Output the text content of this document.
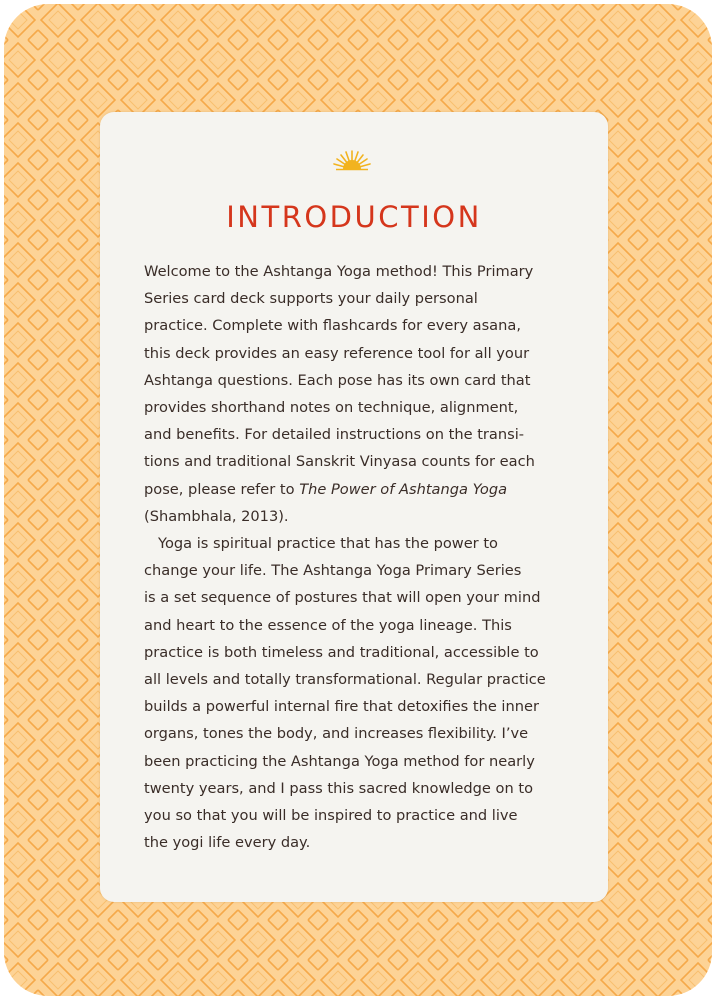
INTRODUCTION
Welcome to the Ashtanga Yoga method! This Primary
Series card deck supports your daily personal
practice. Complete with flashcards for every asana,
this deck provides an easy reference tool for all your
Ashtanga questions. Each pose has its own card that
provides shorthand notes on technique, alignment,
and benefits. For detailed instructions on the transi-
tions and traditional Sanskrit Vinyasa counts for each
pose, please refer to The Power of Ashtanga Yoga
(Shambhala, 2013).
Yoga is spiritual practice that has the power to
change your life. The Ashtanga Yoga Primary Series
is a set sequence of postures that will open your mind
and heart to the essence of the yoga lineage. This
practice is both timeless and traditional, accessible to
all levels and totally transformational. Regular practice
builds a powerful internal fire that detoxifies the inner
organs, tones the body, and increases flexibility. I’ve
been practicing the Ashtanga Yoga method for nearly
twenty years, and I pass this sacred knowledge on to
you so that you will be inspired to practice and live
the yogi life every day.
